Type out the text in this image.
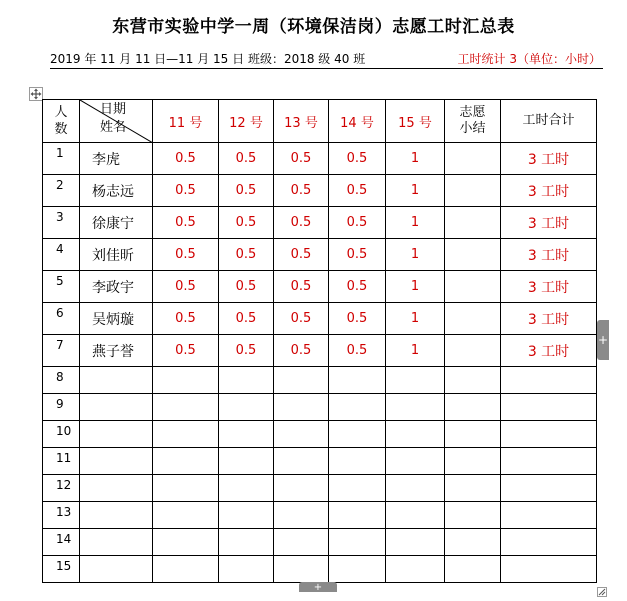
东营市实验中学一周（环境保洁岗）志愿工时汇总表
2019 年 11 月 11 日—11 月 15 日 班级：2018 级 40 班	工时统计 3（单位：小时）
人数	日期
姓名	11 号	12 号	13 号	14 号	15 号	志愿小结	工时合计
1	李虎	0.5	0.5	0.5	0.5	1		3 工时
2	杨志远	0.5	0.5	0.5	0.5	1		3 工时
3	徐康宁	0.5	0.5	0.5	0.5	1		3 工时
4	刘佳昕	0.5	0.5	0.5	0.5	1		3 工时
5	李政宇	0.5	0.5	0.5	0.5	1		3 工时
6	吴炳璇	0.5	0.5	0.5	0.5	1		3 工时
7	燕子誉	0.5	0.5	0.5	0.5	1		3 工时
8								
9								
10								
11								
12								
13								
14								
15								
+
+
